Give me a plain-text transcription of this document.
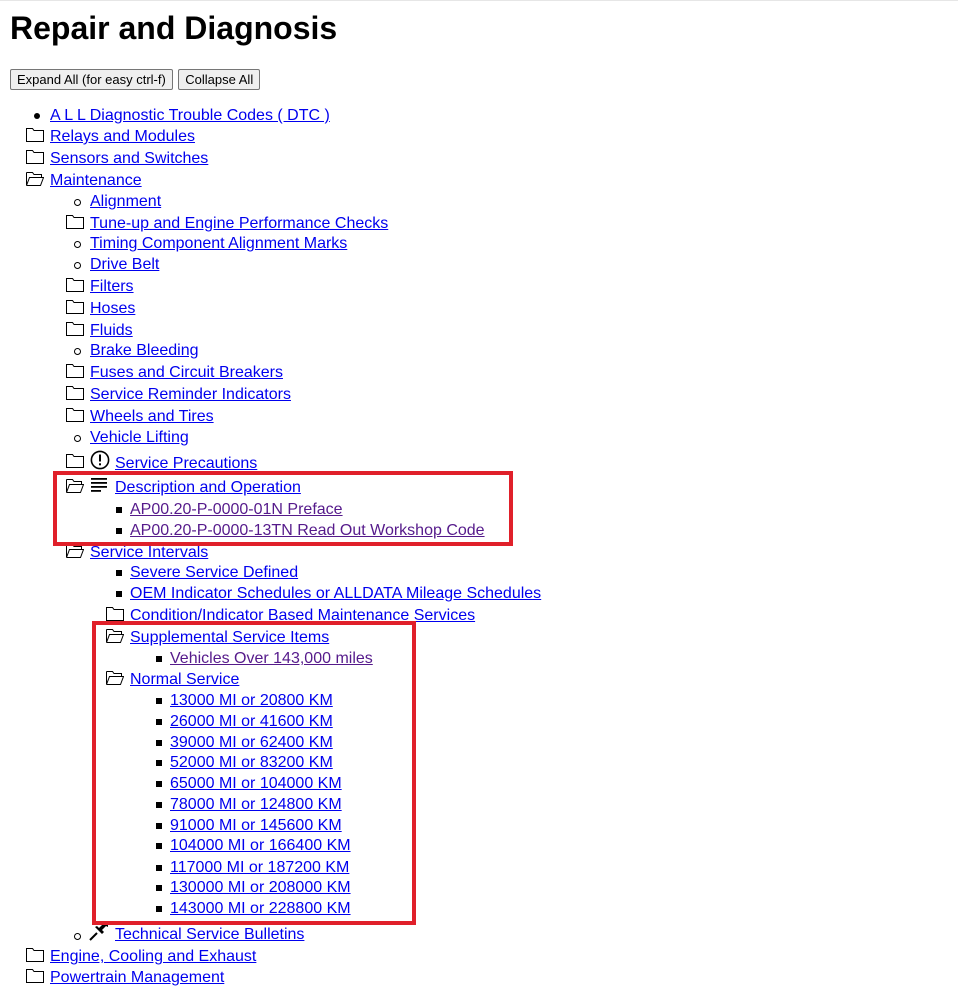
Repair and Diagnosis
Expand All (for easy ctrl-f) Collapse All
A L L Diagnostic Trouble Codes ( DTC )
Relays and Modules
Sensors and Switches
Maintenance
Alignment
Tune-up and Engine Performance Checks
Timing Component Alignment Marks
Drive Belt
Filters
Hoses
Fluids
Brake Bleeding
Fuses and Circuit Breakers
Service Reminder Indicators
Wheels and Tires
Vehicle Lifting
Service Precautions
Description and Operation
AP00.20-P-0000-01N Preface
AP00.20-P-0000-13TN Read Out Workshop Code
Service Intervals
Severe Service Defined
OEM Indicator Schedules or ALLDATA Mileage Schedules
Condition/Indicator Based Maintenance Services
Supplemental Service Items
Vehicles Over 143,000 miles
Normal Service
13000 MI or 20800 KM
26000 MI or 41600 KM
39000 MI or 62400 KM
52000 MI or 83200 KM
65000 MI or 104000 KM
78000 MI or 124800 KM
91000 MI or 145600 KM
104000 MI or 166400 KM
117000 MI or 187200 KM
130000 MI or 208000 KM
143000 MI or 228800 KM
Technical Service Bulletins
Engine, Cooling and Exhaust
Powertrain Management
